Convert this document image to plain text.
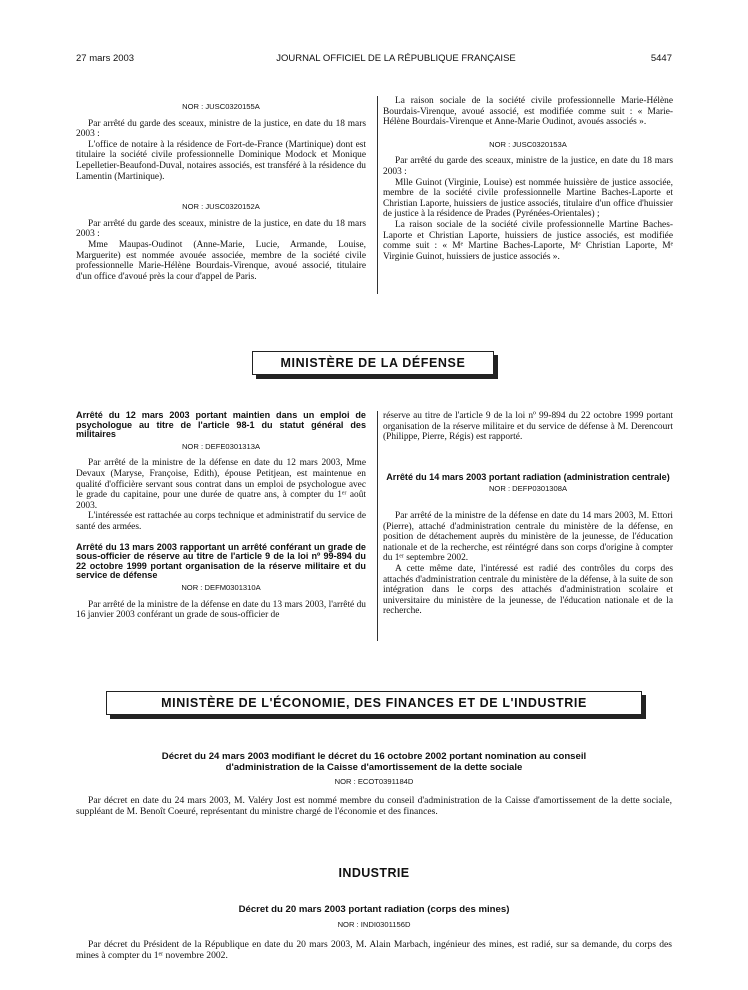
27 mars 2003	JOURNAL OFFICIEL DE LA RÉPUBLIQUE FRANÇAISE	5447

NOR : JUSC0320155A

Par arrêté du garde des sceaux, ministre de la justice, en date du 18 mars 2003 :

L'office de notaire à la résidence de Fort-de-France (Martinique) dont est titulaire la société civile professionnelle Dominique Modock et Monique Lepelletier-Beaufond-Duval, notaires associés, est transféré à la résidence du Lamentin (Martinique).

NOR : JUSC0320152A

Par arrêté du garde des sceaux, ministre de la justice, en date du 18 mars 2003 :

Mme Maupas-Oudinot (Anne-Marie, Lucie, Armande, Louise, Marguerite) est nommée avouée associée, membre de la société civile professionnelle Marie-Hélène Bourdais-Virenque, avoué associé, titulaire d'un office d'avoué près la cour d'appel de Paris.

La raison sociale de la société civile professionnelle Marie-Hélène Bourdais-Virenque, avoué associé, est modifiée comme suit : « Marie-Hélène Bourdais-Virenque et Anne-Marie Oudinot, avoués associés ».

NOR : JUSC0320153A

Par arrêté du garde des sceaux, ministre de la justice, en date du 18 mars 2003 :

Mlle Guinot (Virginie, Louise) est nommée huissière de justice associée, membre de la société civile professionnelle Martine Baches-Laporte et Christian Laporte, huissiers de justice associés, titulaire d'un office d'huissier de justice à la résidence de Prades (Pyrénées-Orientales) ;

La raison sociale de la société civile professionnelle Martine Baches-Laporte et Christian Laporte, huissiers de justice associés, est modifiée comme suit : « Mᵉ Martine Baches-Laporte, Mᵉ Christian Laporte, Mᵉ Virginie Guinot, huissiers de justice associés ».

MINISTÈRE DE LA DÉFENSE

Arrêté du 12 mars 2003 portant maintien dans un emploi de psychologue au titre de l'article 98-1 du statut général des militaires

NOR : DEFE0301313A

Par arrêté de la ministre de la défense en date du 12 mars 2003, Mme Devaux (Maryse, Françoise, Edith), épouse Petitjean, est maintenue en qualité d'officière servant sous contrat dans un emploi de psychologue avec le grade du capitaine, pour une durée de quatre ans, à compter du 1ᵉʳ août 2003.

L'intéressée est rattachée au corps technique et administratif du service de santé des armées.

Arrêté du 13 mars 2003 rapportant un arrêté conférant un grade de sous-officier de réserve au titre de l'article 9 de la loi nº 99-894 du 22 octobre 1999 portant organisation de la réserve militaire et du service de défense

NOR : DEFM0301310A

Par arrêté de la ministre de la défense en date du 13 mars 2003, l'arrêté du 16 janvier 2003 conférant un grade de sous-officier de

réserve au titre de l'article 9 de la loi nº 99-894 du 22 octobre 1999 portant organisation de la réserve militaire et du service de défense à M. Derencourt (Philippe, Pierre, Régis) est rapporté.

Arrêté du 14 mars 2003 portant radiation (administration centrale)

NOR : DEFP0301308A

Par arrêté de la ministre de la défense en date du 14 mars 2003, M. Ettori (Pierre), attaché d'administration centrale du ministère de la défense, en position de détachement auprès du ministère de la jeunesse, de l'éducation nationale et de la recherche, est réintégré dans son corps d'origine à compter du 1ᵉʳ septembre 2002.

A cette même date, l'intéressé est radié des contrôles du corps des attachés d'administration centrale du ministère de la défense, à la suite de son intégration dans le corps des attachés d'administration scolaire et universitaire du ministère de la jeunesse, de l'éducation nationale et de la recherche.

MINISTÈRE DE L'ÉCONOMIE, DES FINANCES ET DE L'INDUSTRIE

Décret du 24 mars 2003 modifiant le décret du 16 octobre 2002 portant nomination au conseil d'administration de la Caisse d'amortissement de la dette sociale

NOR : ECOT0391184D

Par décret en date du 24 mars 2003, M. Valéry Jost est nommé membre du conseil d'administration de la Caisse d'amortissement de la dette sociale, suppléant de M. Benoît Coeuré, représentant du ministre chargé de l'économie et des finances.

INDUSTRIE

Décret du 20 mars 2003 portant radiation (corps des mines)

NOR : INDI0301156D

Par décret du Président de la République en date du 20 mars 2003, M. Alain Marbach, ingénieur des mines, est radié, sur sa demande, du corps des mines à compter du 1ᵉʳ novembre 2002.
